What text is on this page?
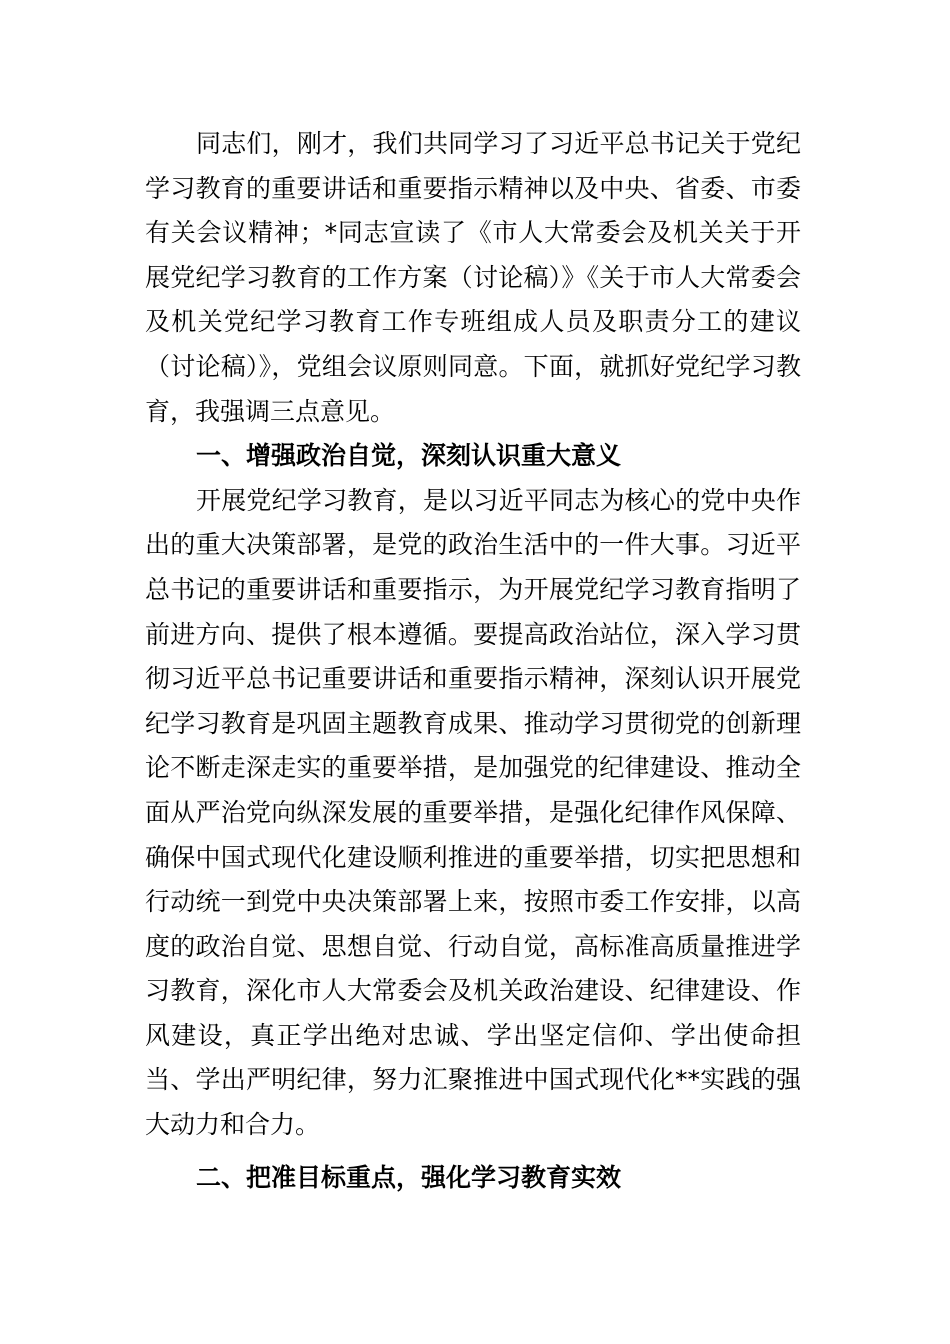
同志们，刚才，我们共同学习了习近平总书记关于党纪学习教育的重要讲话和重要指示精神以及中央、省委、市委有关会议精神；*同志宣读了《市人大常委会及机关关于开展党纪学习教育的工作方案（讨论稿）》《关于市人大常委会及机关党纪学习教育工作专班组成人员及职责分工的建议（讨论稿）》，党组会议原则同意。下面，就抓好党纪学习教育，我强调三点意见。

一、增强政治自觉，深刻认识重大意义

开展党纪学习教育，是以习近平同志为核心的党中央作出的重大决策部署，是党的政治生活中的一件大事。习近平总书记的重要讲话和重要指示，为开展党纪学习教育指明了前进方向、提供了根本遵循。要提高政治站位，深入学习贯彻习近平总书记重要讲话和重要指示精神，深刻认识开展党纪学习教育是巩固主题教育成果、推动学习贯彻党的创新理论不断走深走实的重要举措，是加强党的纪律建设、推动全面从严治党向纵深发展的重要举措，是强化纪律作风保障、确保中国式现代化建设顺利推进的重要举措，切实把思想和行动统一到党中央决策部署上来，按照市委工作安排，以高度的政治自觉、思想自觉、行动自觉，高标准高质量推进学习教育，深化市人大常委会及机关政治建设、纪律建设、作风建设，真正学出绝对忠诚、学出坚定信仰、学出使命担当、学出严明纪律，努力汇聚推进中国式现代化**实践的强大动力和合力。

二、把准目标重点，强化学习教育实效
